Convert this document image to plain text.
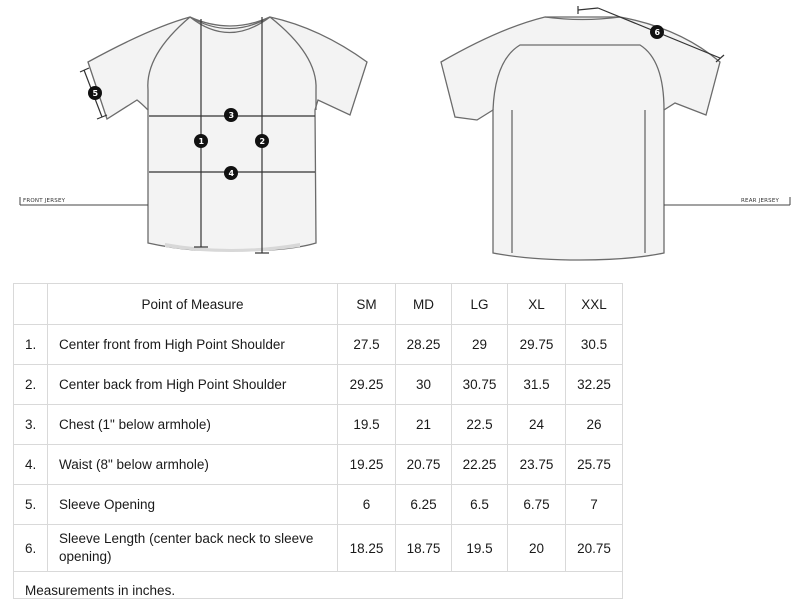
FRONT JERSEY	REAR JERSEY
1	2
3
4
5
6
	Point of Measure	SM	MD	LG	XL	XXL
1.	Center front from High Point Shoulder	27.5	28.25	29	29.75	30.5
2.	Center back from High Point Shoulder	29.25	30	30.75	31.5	32.25
3.	Chest (1" below armhole)	19.5	21	22.5	24	26
4.	Waist (8" below armhole)	19.25	20.75	22.25	23.75	25.75
5.	Sleeve Opening	6	6.25	6.5	6.75	7
6.	Sleeve Length (center back neck to sleeve opening)	18.25	18.75	19.5	20	20.75
Measurements in inches.						
